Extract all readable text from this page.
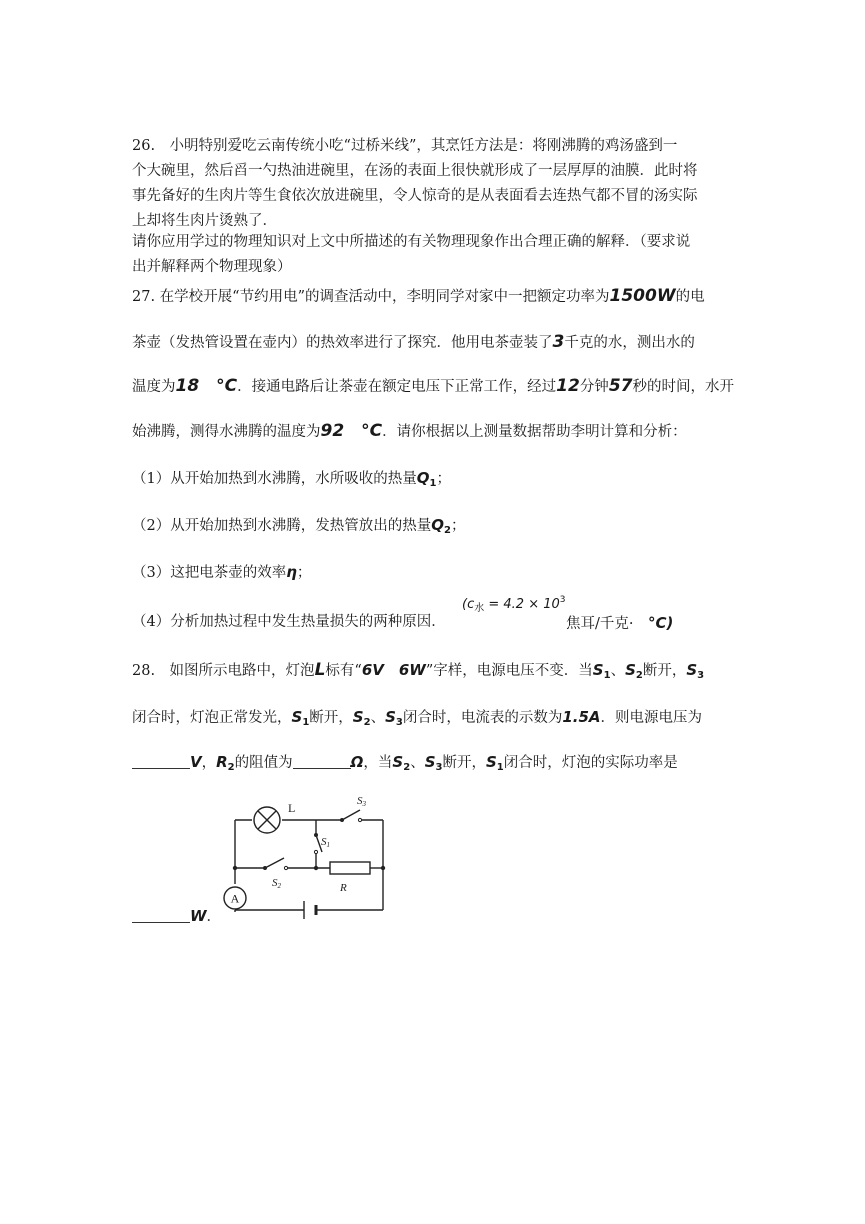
26.　小明特别爱吃云南传统小吃“过桥米线”，其烹饪方法是：将刚沸腾的鸡汤盛到一
个大碗里，然后舀一勺热油进碗里，在汤的表面上很快就形成了一层厚厚的油膜．此时将
事先备好的生肉片等生食依次放进碗里，令人惊奇的是从表面看去连热气都不冒的汤实际
上却将生肉片烫熟了．
请你应用学过的物理知识对上文中所描述的有关物理现象作出合理正确的解释．（要求说
出并解释两个物理现象）
27. 在学校开展“节约用电”的调查活动中，李明同学对家中一把额定功率为1500W的电
茶壶（发热管设置在壶内）的热效率进行了探究．他用电茶壶装了3千克的水，测出水的
温度为18　°C．接通电路后让茶壶在额定电压下正常工作，经过12分钟57秒的时间，水开
始沸腾，测得水沸腾的温度为92　°C．请你根据以上测量数据帮助李明计算和分析：
（1）从开始加热到水沸腾，水所吸收的热量$Q_1$；
（2）从开始加热到水沸腾，发热管放出的热量$Q_2$；
（3）这把电茶壶的效率η；
（4）分析加热过程中发生热量损失的两种原因．
($c_水 = 4.2 \times 10^3$
焦耳/千克·　°C)
28.　如图所示电路中，灯泡L标有“6V　6W”字样，电源电压不变．当$S_1$、$S_2$断开，$S_3$
闭合时，灯泡正常发光，$S_1$断开，$S_2$、$S_3$闭合时，电流表的示数为1.5A．则电源电压为
V，$R_2$的阻值为	Ω，当$S_2$、$S_3$断开，$S_1$闭合时，灯泡的实际功率是
A
L	S3
S1
S2	R
W．
